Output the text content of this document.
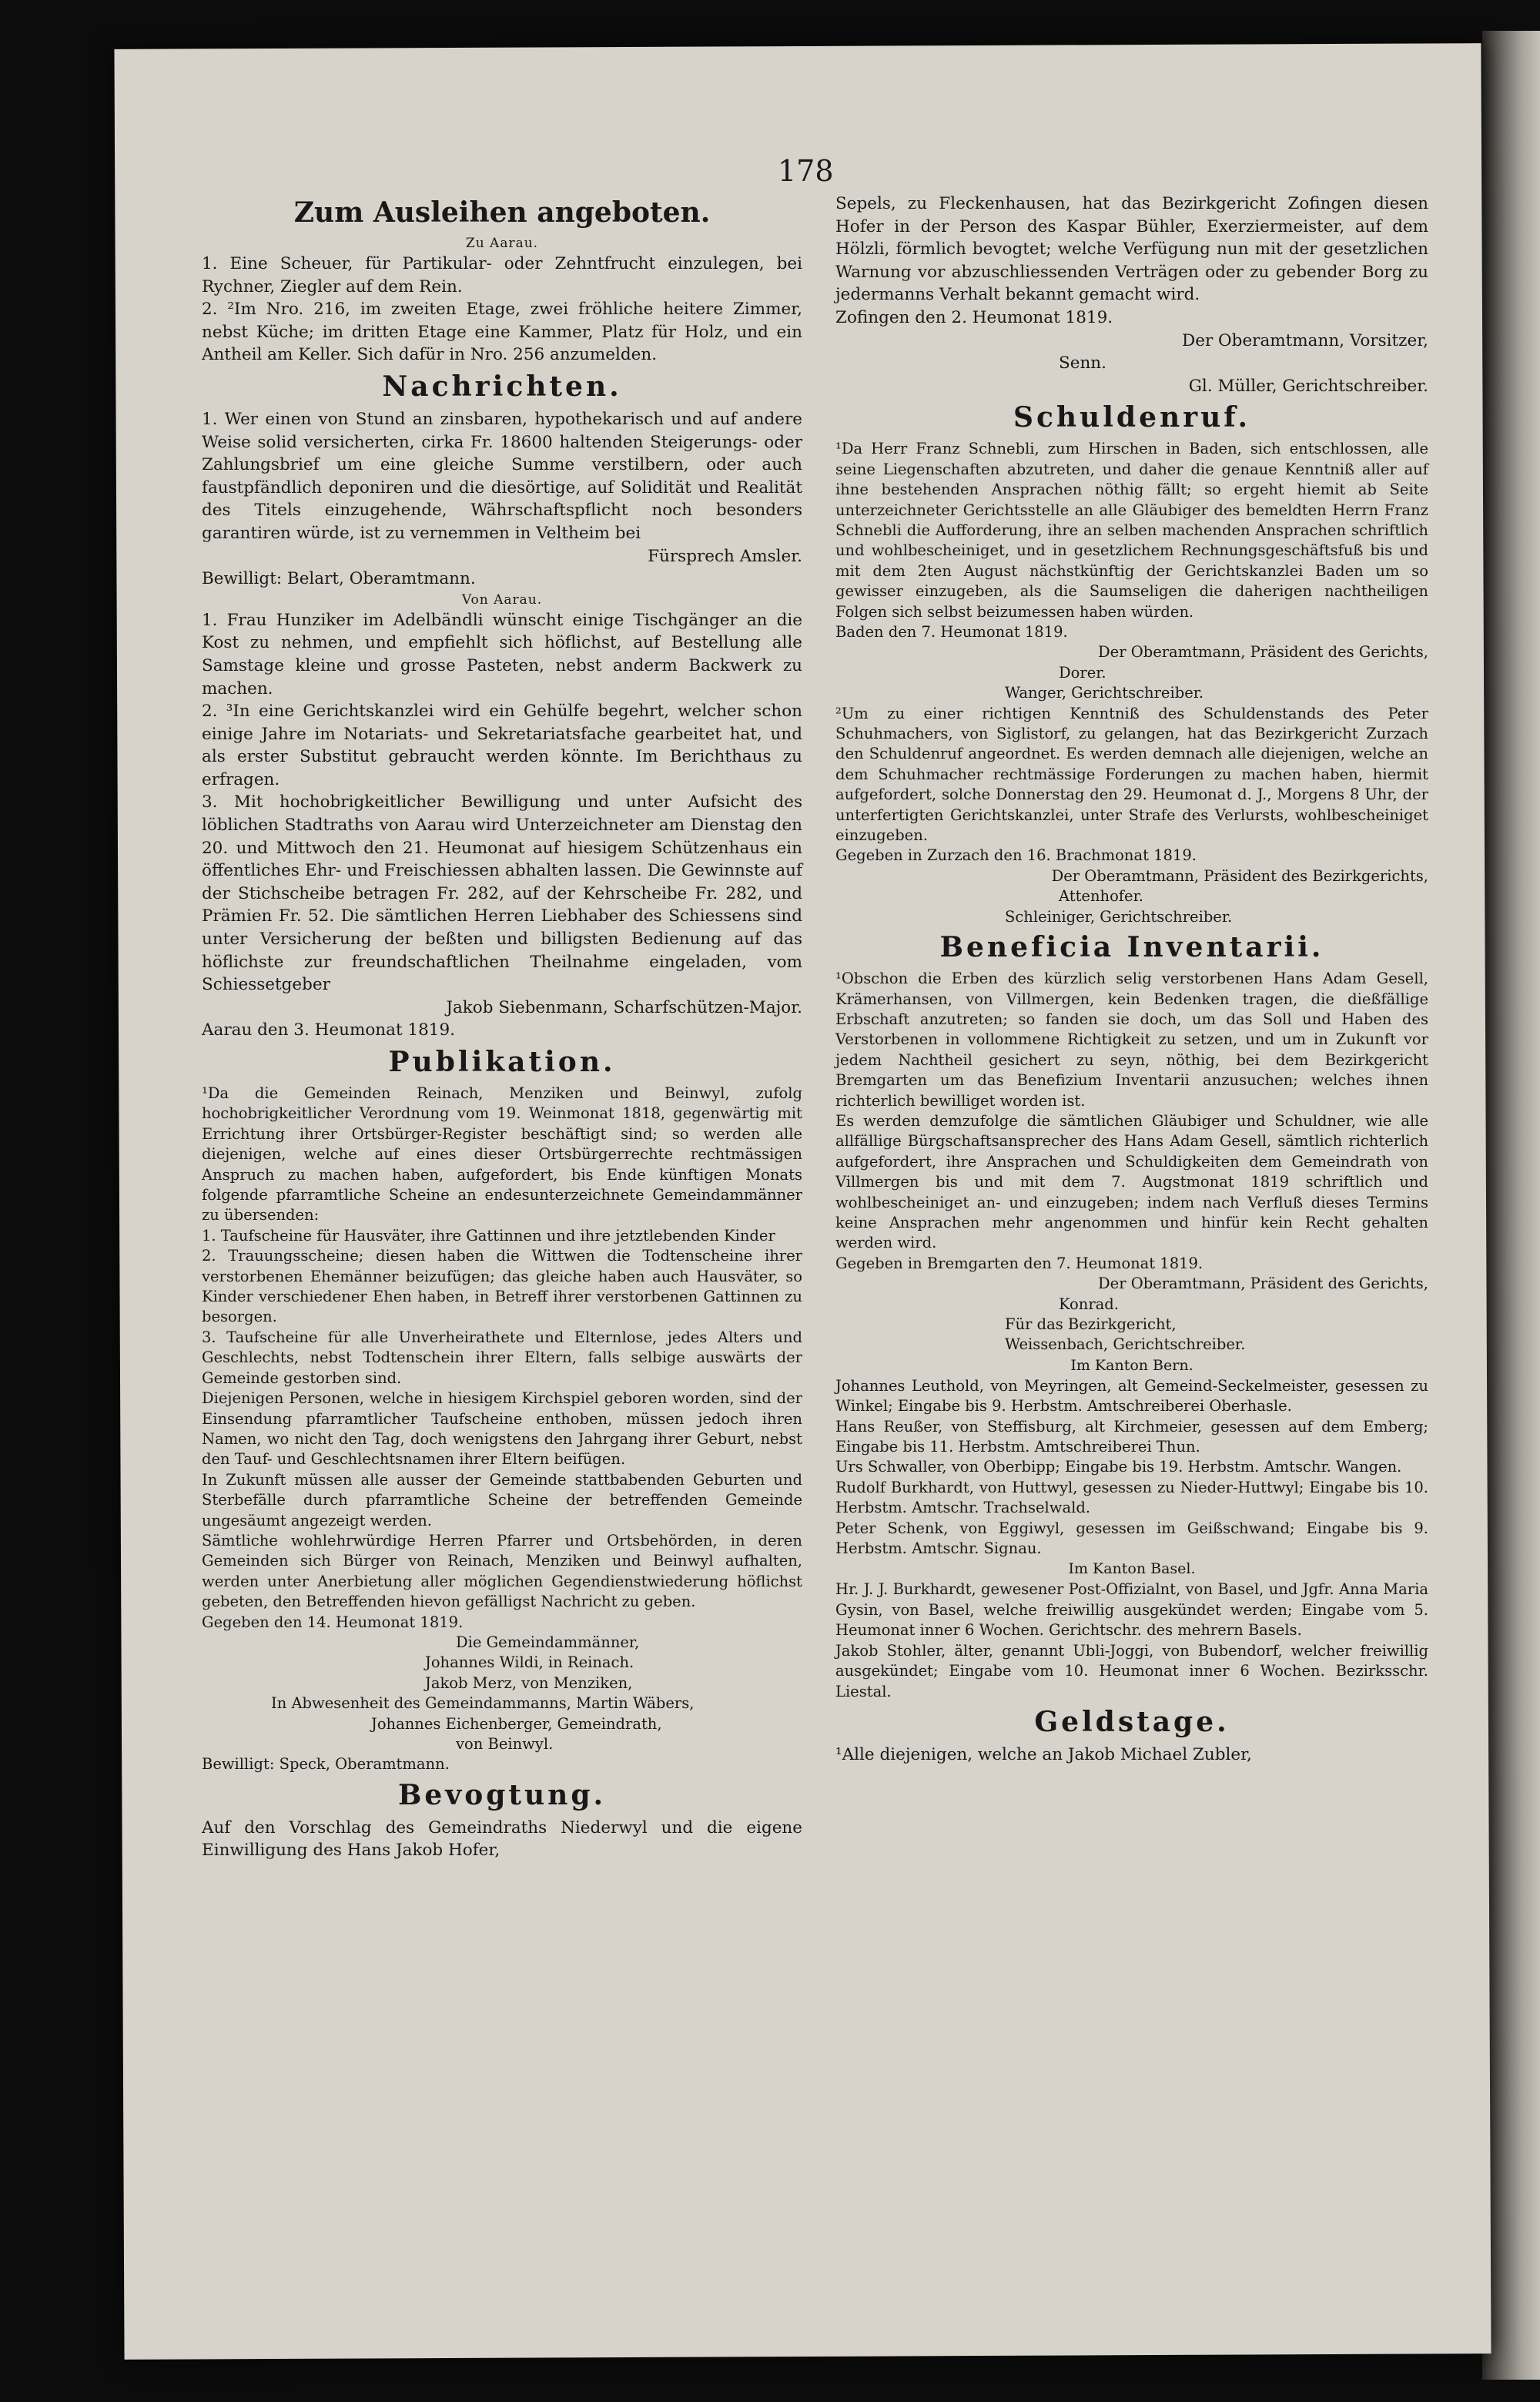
178
Zum Ausleihen angeboten.
Zu Aarau.

1. Eine Scheuer, für Partikular- oder Zehntfrucht einzulegen, bei Rychner, Ziegler auf dem Rein.

2. ²Im Nro. 216, im zweiten Etage, zwei fröhliche heitere Zimmer, nebst Küche; im dritten Etage eine Kammer, Platz für Holz, und ein Antheil am Keller. Sich dafür in Nro. 256 anzumelden.

Nachrichten.

1. Wer einen von Stund an zinsbaren, hypothekarisch und auf andere Weise solid versicherten, cirka Fr. 18600 haltenden Steigerungs- oder Zahlungsbrief um eine gleiche Summe verstilbern, oder auch faustpfändlich deponiren und die diesörtige, auf Solidität und Realität des Titels einzugehende, Währschaftspflicht noch besonders garantiren würde, ist zu vernemmen in Veltheim bei

Fürsprech Amsler.

Bewilligt: Belart, Oberamtmann.

Von Aarau.

1. Frau Hunziker im Adelbändli wünscht einige Tischgänger an die Kost zu nehmen, und empfiehlt sich höflichst, auf Bestellung alle Samstage kleine und grosse Pasteten, nebst anderm Backwerk zu machen.

2. ³In eine Gerichtskanzlei wird ein Gehülfe begehrt, welcher schon einige Jahre im Notariats- und Sekretariatsfache gearbeitet hat, und als erster Substitut gebraucht werden könnte. Im Berichthaus zu erfragen.

3. Mit hochobrigkeitlicher Bewilligung und unter Aufsicht des löblichen Stadtraths von Aarau wird Unterzeichneter am Dienstag den 20. und Mittwoch den 21. Heumonat auf hiesigem Schützenhaus ein öffentliches Ehr- und Freischiessen abhalten lassen. Die Gewinnste auf der Stichscheibe betragen Fr. 282, auf der Kehrscheibe Fr. 282, und Prämien Fr. 52. Die sämtlichen Herren Liebhaber des Schiessens sind unter Versicherung der beßten und billigsten Bedienung auf das höflichste zur freundschaftlichen Theilnahme eingeladen, vom Schiessetgeber

Jakob Siebenmann, Scharfschützen-Major.

Aarau den 3. Heumonat 1819.

Publikation.

¹Da die Gemeinden Reinach, Menziken und Beinwyl, zufolg hochobrigkeitlicher Verordnung vom 19. Weinmonat 1818, gegenwärtig mit Errichtung ihrer Ortsbürger-Register beschäftigt sind; so werden alle diejenigen, welche auf eines dieser Ortsbürgerrechte rechtmässigen Anspruch zu machen haben, aufgefordert, bis Ende künftigen Monats folgende pfarramtliche Scheine an endesunterzeichnete Gemeindammänner zu übersenden:

1. Taufscheine für Hausväter, ihre Gattinnen und ihre jetztlebenden Kinder

2. Trauungsscheine; diesen haben die Wittwen die Todtenscheine ihrer verstorbenen Ehemänner beizufügen; das gleiche haben auch Hausväter, so Kinder verschiedener Ehen haben, in Betreff ihrer verstorbenen Gattinnen zu besorgen.

3. Taufscheine für alle Unverheirathete und Elternlose, jedes Alters und Geschlechts, nebst Todtenschein ihrer Eltern, falls selbige auswärts der Gemeinde gestorben sind.

Diejenigen Personen, welche in hiesigem Kirchspiel geboren worden, sind der Einsendung pfarramtlicher Taufscheine enthoben, müssen jedoch ihren Namen, wo nicht den Tag, doch wenigstens den Jahrgang ihrer Geburt, nebst den Tauf- und Geschlechtsnamen ihrer Eltern beifügen.

In Zukunft müssen alle ausser der Gemeinde stattbabenden Geburten und Sterbefälle durch pfarramtliche Scheine der betreffenden Gemeinde ungesäumt angezeigt werden.

Sämtliche wohlehrwürdige Herren Pfarrer und Ortsbehörden, in deren Gemeinden sich Bürger von Reinach, Menziken und Beinwyl aufhalten, werden unter Anerbietung aller möglichen Gegendienstwiederung höflichst gebeten, den Betreffenden hievon gefälligst Nachricht zu geben.

Gegeben den 14. Heumonat 1819.

Die Gemeindammänner,

Johannes Wildi, in Reinach.

Jakob Merz, von Menziken,

In Abwesenheit des Gemeindammanns, Martin Wäbers,

Johannes Eichenberger, Gemeindrath,

von Beinwyl.

Bewilligt: Speck, Oberamtmann.

Bevogtung.

Auf den Vorschlag des Gemeindraths Niederwyl und die eigene Einwilligung des Hans Jakob Hofer,

Sepels, zu Fleckenhausen, hat das Bezirkgericht Zofingen diesen Hofer in der Person des Kaspar Bühler, Exerziermeister, auf dem Hölzli, förmlich bevogtet; welche Verfügung nun mit der gesetzlichen Warnung vor abzuschliessenden Verträgen oder zu gebender Borg zu jedermanns Verhalt bekannt gemacht wird.

Zofingen den 2. Heumonat 1819.

Der Oberamtmann, Vorsitzer,

Senn.

Gl. Müller, Gerichtschreiber.

Schuldenruf.

¹Da Herr Franz Schnebli, zum Hirschen in Baden, sich entschlossen, alle seine Liegenschaften abzutreten, und daher die genaue Kenntniß aller auf ihne bestehenden Ansprachen nöthig fällt; so ergeht hiemit ab Seite unterzeichneter Gerichtsstelle an alle Gläubiger des bemeldten Herrn Franz Schnebli die Aufforderung, ihre an selben machenden Ansprachen schriftlich und wohlbescheiniget, und in gesetzlichem Rechnungsgeschäftsfuß bis und mit dem 2ten August nächstkünftig der Gerichtskanzlei Baden um so gewisser einzugeben, als die Saumseligen die daherigen nachtheiligen Folgen sich selbst beizumessen haben würden.

Baden den 7. Heumonat 1819.

Der Oberamtmann, Präsident des Gerichts,

Dorer.

Wanger, Gerichtschreiber.

²Um zu einer richtigen Kenntniß des Schuldenstands des Peter Schuhmachers, von Siglistorf, zu gelangen, hat das Bezirkgericht Zurzach den Schuldenruf angeordnet. Es werden demnach alle diejenigen, welche an dem Schuhmacher rechtmässige Forderungen zu machen haben, hiermit aufgefordert, solche Donnerstag den 29. Heumonat d. J., Morgens 8 Uhr, der unterfertigten Gerichtskanzlei, unter Strafe des Verlursts, wohlbescheiniget einzugeben.

Gegeben in Zurzach den 16. Brachmonat 1819.

Der Oberamtmann, Präsident des Bezirkgerichts,

Attenhofer.

Schleiniger, Gerichtschreiber.

Beneficia Inventarii.

¹Obschon die Erben des kürzlich selig verstorbenen Hans Adam Gesell, Krämerhansen, von Villmergen, kein Bedenken tragen, die dießfällige Erbschaft anzutreten; so fanden sie doch, um das Soll und Haben des Verstorbenen in vollommene Richtigkeit zu setzen, und um in Zukunft vor jedem Nachtheil gesichert zu seyn, nöthig, bei dem Bezirkgericht Bremgarten um das Benefizium Inventarii anzusuchen; welches ihnen richterlich bewilliget worden ist.

Es werden demzufolge die sämtlichen Gläubiger und Schuldner, wie alle allfällige Bürgschaftsansprecher des Hans Adam Gesell, sämtlich richterlich aufgefordert, ihre Ansprachen und Schuldigkeiten dem Gemeindrath von Villmergen bis und mit dem 7. Augstmonat 1819 schriftlich und wohlbescheiniget an- und einzugeben; indem nach Verfluß dieses Termins keine Ansprachen mehr angenommen und hinfür kein Recht gehalten werden wird.

Gegeben in Bremgarten den 7. Heumonat 1819.

Der Oberamtmann, Präsident des Gerichts,

Konrad.

Für das Bezirkgericht,

Weissenbach, Gerichtschreiber.

Im Kanton Bern.

Johannes Leuthold, von Meyringen, alt Gemeind-Seckelmeister, gesessen zu Winkel; Eingabe bis 9. Herbstm. Amtschreiberei Oberhasle.

Hans Reußer, von Steffisburg, alt Kirchmeier, gesessen auf dem Emberg; Eingabe bis 11. Herbstm. Amtschreiberei Thun.

Urs Schwaller, von Oberbipp; Eingabe bis 19. Herbstm. Amtschr. Wangen.

Rudolf Burkhardt, von Huttwyl, gesessen zu Nieder-Huttwyl; Eingabe bis 10. Herbstm. Amtschr. Trachselwald.

Peter Schenk, von Eggiwyl, gesessen im Geißschwand; Eingabe bis 9. Herbstm. Amtschr. Signau.

Im Kanton Basel.

Hr. J. J. Burkhardt, gewesener Post-Offizialnt, von Basel, und Jgfr. Anna Maria Gysin, von Basel, welche freiwillig ausgekündet werden; Eingabe vom 5. Heumonat inner 6 Wochen. Gerichtschr. des mehrern Basels.

Jakob Stohler, älter, genannt Ubli-Joggi, von Bubendorf, welcher freiwillig ausgekündet; Eingabe vom 10. Heumonat inner 6 Wochen. Bezirksschr. Liestal.

Geldstage.

¹Alle diejenigen, welche an Jakob Michael Zubler,
